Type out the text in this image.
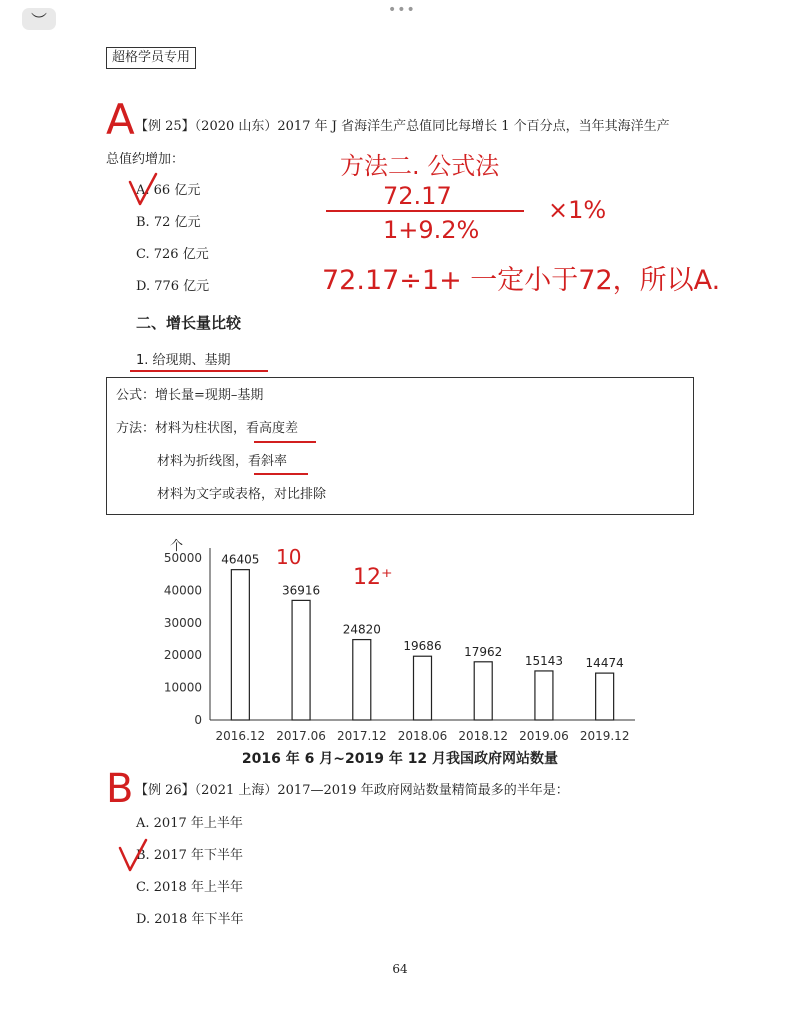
︶
•••
超格学员专用
【例 25】（2020 山东）2017 年 J 省海洋生产总值同比每增长 1 个百分点，当年其海洋生产
总值约增加：
A. 66 亿元
B. 72 亿元
C. 726 亿元
D. 776 亿元
A
方法二. 公式法
72.17
1+9.2%
×1%
72.17÷1+ 一定小于72，所以A.
二、增长量比较
1. 给现期、基期
公式：增长量=现期–基期
方法：材料为柱状图，看高度差
材料为折线图，看斜率
材料为文字或表格，对比排除
个
0
10000
20000
30000
40000
50000 46405
2016.12
36916
2017.06
24820
2017.12
19686
2018.06
17962
2018.12
15143
2019.06
14474
2019.12
2016 年 6 月~2019 年 12 月我国政府网站数量
10
12⁺
B 【例 26】（2021 上海）2017—2019 年政府网站数量精简最多的半年是：
A. 2017 年上半年
B. 2017 年下半年
C. 2018 年上半年
D. 2018 年下半年
64
